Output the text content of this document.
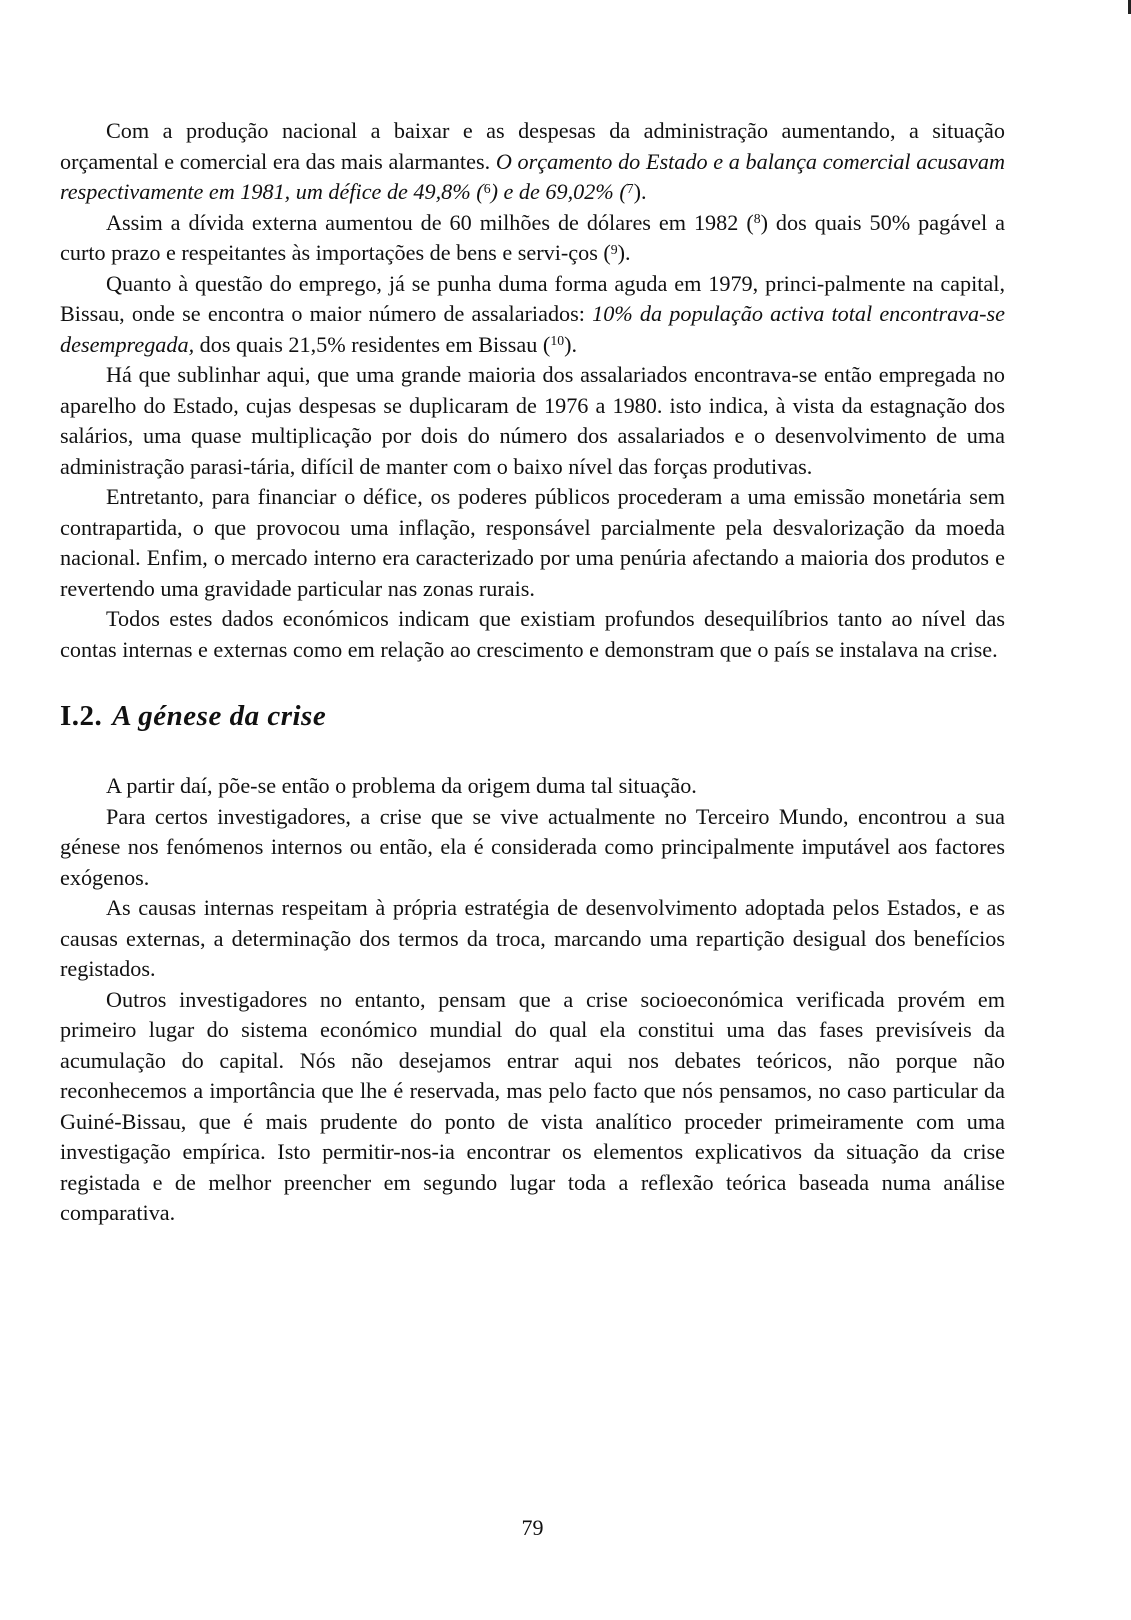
Com a produção nacional a baixar e as despesas da administração aumentando, a situação orçamental e comercial era das mais alarmantes. O orçamento do Estado e a balança comercial acusavam respectivamente em 1981, um défice de 49,8% ($^6$) e de 69,02% ($^7$).

Assim a dívida externa aumentou de 60 milhões de dólares em 1982 ($^8$) dos quais 50% pagável a curto prazo e respeitantes às importações de bens e servi-ços ($^9$).

Quanto à questão do emprego, já se punha duma forma aguda em 1979, princi-palmente na capital, Bissau, onde se encontra o maior número de assalariados: 10% da população activa total encontrava-se desempregada, dos quais 21,5% residentes em Bissau ($^{10}$).

Há que sublinhar aqui, que uma grande maioria dos assalariados encontrava-se então empregada no aparelho do Estado, cujas despesas se duplicaram de 1976 a 1980. isto indica, à vista da estagnação dos salários, uma quase multiplicação por dois do número dos assalariados e o desenvolvimento de uma administração parasi-tária, difícil de manter com o baixo nível das forças produtivas.

Entretanto, para financiar o défice, os poderes públicos procederam a uma emissão monetária sem contrapartida, o que provocou uma inflação, responsável parcialmente pela desvalorização da moeda nacional. Enfim, o mercado interno era caracterizado por uma penúria afectando a maioria dos produtos e revertendo uma gravidade particular nas zonas rurais.

Todos estes dados económicos indicam que existiam profundos desequilíbrios tanto ao nível das contas internas e externas como em relação ao crescimento e demonstram que o país se instalava na crise.

I.2. A génese da crise

A partir daí, põe-se então o problema da origem duma tal situação.

Para certos investigadores, a crise que se vive actualmente no Terceiro Mundo, encontrou a sua génese nos fenómenos internos ou então, ela é considerada como principalmente imputável aos factores exógenos.

As causas internas respeitam à própria estratégia de desenvolvimento adoptada pelos Estados, e as causas externas, a determinação dos termos da troca, marcando uma repartição desigual dos benefícios registados.

Outros investigadores no entanto, pensam que a crise socioeconómica verificada provém em primeiro lugar do sistema económico mundial do qual ela constitui uma das fases previsíveis da acumulação do capital. Nós não desejamos entrar aqui nos debates teóricos, não porque não reconhecemos a importância que lhe é reservada, mas pelo facto que nós pensamos, no caso particular da Guiné-Bissau, que é mais prudente do ponto de vista analítico proceder primeiramente com uma investigação empírica. Isto permitir-nos-ia encontrar os elementos explicativos da situação da crise registada e de melhor preencher em segundo lugar toda a reflexão teórica baseada numa análise comparativa.

79
